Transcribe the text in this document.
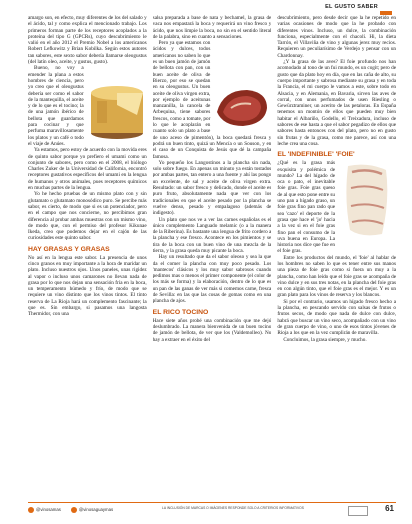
EL GUSTO SABER

amargo son, en efecto, muy diferentes de los del salado y el ácido, tal y como explica el mencionado trabajo. Los primeros forman parte de los receptores acoplados a la proteína del tipo G (GPCRs), cuyo descubrimiento le valió en el año 2012 el Premio Nobel a los americanos Robert Lefkowitz y Brian Kobilka. Según estos autores tan sabores, este sexto sabor debería llamarse oleogustus (del latín oleo, aceite, y gustus, gusto).

Bueno, no voy a emender la plana a estos hombres de ciencia, pero yo creo que el oleogustus debería ser como el sabor de la mantequilla, el aceite y de lo que es el tocino; la de una jamón ibérico de bellota que guardamos para cocinar y que perfuma maravillosamente los platos y un café o todo el viaje de Anúes.

Ya estamos, pero estoy de acuerdo con la movida eres de quinto sabor porque yo prefiero el umami como un conjunto de sabores, pero como en el 2008, el biólogo Charles Zuker de la Universidad de California, encontró receptores gustativos específicos del umami en la lengua de humanos y otros animales, pues receptores químicos en muchas partes de la lengua.

Yo he hecho pruebas de un mismo plato con y sin glutamato o glutamato monosódico puro. Se percibe más sabor, es cierto, de modo que si es un potenciador, pero en el campo que nos concierne, no percibimos gran diferencia al probar ambas muestras con un mismo vino, de modo que, con el permiso del profesor Kikunae Ikeda, creo que podemos dejar en el cajón de las curiosidades este quinto sabor.

HAY GRASAS Y GRASAS

No así en la lengua este sabor. La presencia de unos cinco granos en muy importante a la hora de maridar un plato. Incluso nuestros ojos. Unos paneles, unas rigidez al vapor o incluso unos camarones no llevan nada de grasa por lo que nos dejan una sensación fría en la boca, un temperamento húmedo y frío, de modo que se requiere un vino distinto que los vinos tintos. El tinto reserva de La Rioja hará un complemento fascinante; la que es. Sin embargo, si pasamos una langosta Thermidor, con una

salsa preparada a base de nata y bechamel, la grasa de vaca nos empastará la boca y requerirá un vino fresco y ácido, que nos limpie la boca, no sin en el sentido literal de la palabra, sino en cuanto a sensaciones.

Pero ya que estamos con ácidos y dulces, todos americanos no saben lo que es un buen jamón de jamón de bellota con pan, con un buen aceite de oliva de Bierzo, por eso se quedan en su oleogustus. Un buen aceite de oliva virgen extra, por ejemplo de aceitunas manzanilla, la cancela de Arbequina, tiene sabores frescos, como a tomate, por lo que le acoplarán en cuanto solo un plato a base de uno aceso de pimentón), la boca quedará fresca y podrá un buen tinto, quizá un Mencía o un Souson, y en el caso de un Conquista de Jesús que dé la campaña famosa.

Yo pequeño los Langostinos a la plancha sin nada, solo sobre fuego. En apenas un minuto ya están tostados por ambas partes, tan entero a una fuente y ahí las pongo un excelente, de sal y aceite de oliva virgen extra. Resultado: un sabor fresco y delicado, donde el aceite es puro fruto, absolutamente nada que ver con los tradicionales en que el aceite pesado por la plancha se vuelve denso, pesado y empalagoso (además de indigesto).

Un plato que nos ve a ver las carnes españolas es el único complemento Languado melamic (o a la manera de la Riberina). Es bastante una lengua de frito cordero a la plancha y ese fresco. Acontece en los pimientos y se tira de la boca con un buen vino de una mezcla de la tierra, y la grasa queda muy picante la boca.

Hay un resultado que da el sabor oleoso y sea la que da el comer la plancha con muy poco pesado. Los 'mantecos' clásicos y los muy sabor sabrosos cuando pedimos mas o menos el primer componente (el color de los más se forma) y la elaboración, dentro de lo que es un pan de las ganas de ver más si comemos carne, fresca de Sevilla: en las que las cosas de gomas como en una plancha de ajos.

EL RICO TOCINO

Hace siete años probé una combinación que me dejó deslumbrado. La manera bienvenida de un buen tocino de jamón de bellota, de ver que los (Valdemolleo). No hay a extraer en el éxito del

descubrimiento, pero desde decir que la he repetido en varias ocasiones de modo que la he probado con diferentes vinos. Incluso, un dulce, la combinación funciona, especialmente con el chacolí. Hi, la dieta Tarrón, el Villaviña de vino y algunas jerez muy recios. Requieren un peculiarísimo de Verdejo y pensar con un Chardonnay.

¿Y la grasa de las aves? El foie profundo nos han acomodado al tono de un fui mundo, es un cogit; pero de gusto que da plato hoy en día, que en las caña de alto, su cuerpo importante y sabrosa mediante su grasa y en toda la Francia, el mi cuerpo le vamos a este, sobre todo en Alsacia, y en Alemania, en Bavaria, sirven las aves de corral, con unos perfumados de usen Riesling o Gewürztraminer, un acerito de las petaloras. En España tenemos un montón de ellos que pueden muy bien habitar el Albariño, Godello, el Treixadura, incluso de sabores de ese hasta a que el sabor pegadizo de ellos que sabores hasta entonces con del plato, pero no en gusto sin frutas y de la grasa, como me parece, así con una leche crea una cosa.

EL 'INDEFINIBLE' 'FOIE'

¿Qué es la grasa más exquisita y polémica de mundo? La del hígado de oca o pato, el inevitable foie gras. Foie gras queso de al que esto pone entre su uno pan a hígado graso, un foie gras fino pan rado que sea 'cazo' el deporte de la grasa que hace el 'jo' hacia a la vez si en el foie gras fino pan el consumo de la uva buena en Europa. La historia nos dice que fue en el foie gras.

Entre los productos del mundo, el 'foie' al hablar de los hombres no saben lo que es tener entre sus manos una pieza de foie gras como si fuera un muy a la plancha, como han leído que el foie gras se acompaña de vino dulce y en sus tres notas, en la plancha del foie gras en con algún tinto, que el foie gras es el mejor. Y es un gran plato para los vinos de reserva y los blancos.

Si por el contrario, usamos un hígado fresco hecho a la plancha, en pescando servido con salsas de frutos o frutos secos, de modo que nada de dulce con dulce, habrá que buscar un vino seco, acompañado con un vino de gran cuerpo de vino, o uno de esos tintos jóvenes de Rioja a los que en la vez cumplirán de maravilla.

Concluimos, la grasa siempre, y mucho.

@vinosamas	@vinosaguaymas	LA INCLUSIÓN DE MARCAS O IMÁGENES RESPONDE SOLO A CRITERIOS INFORMATIVOS	61
